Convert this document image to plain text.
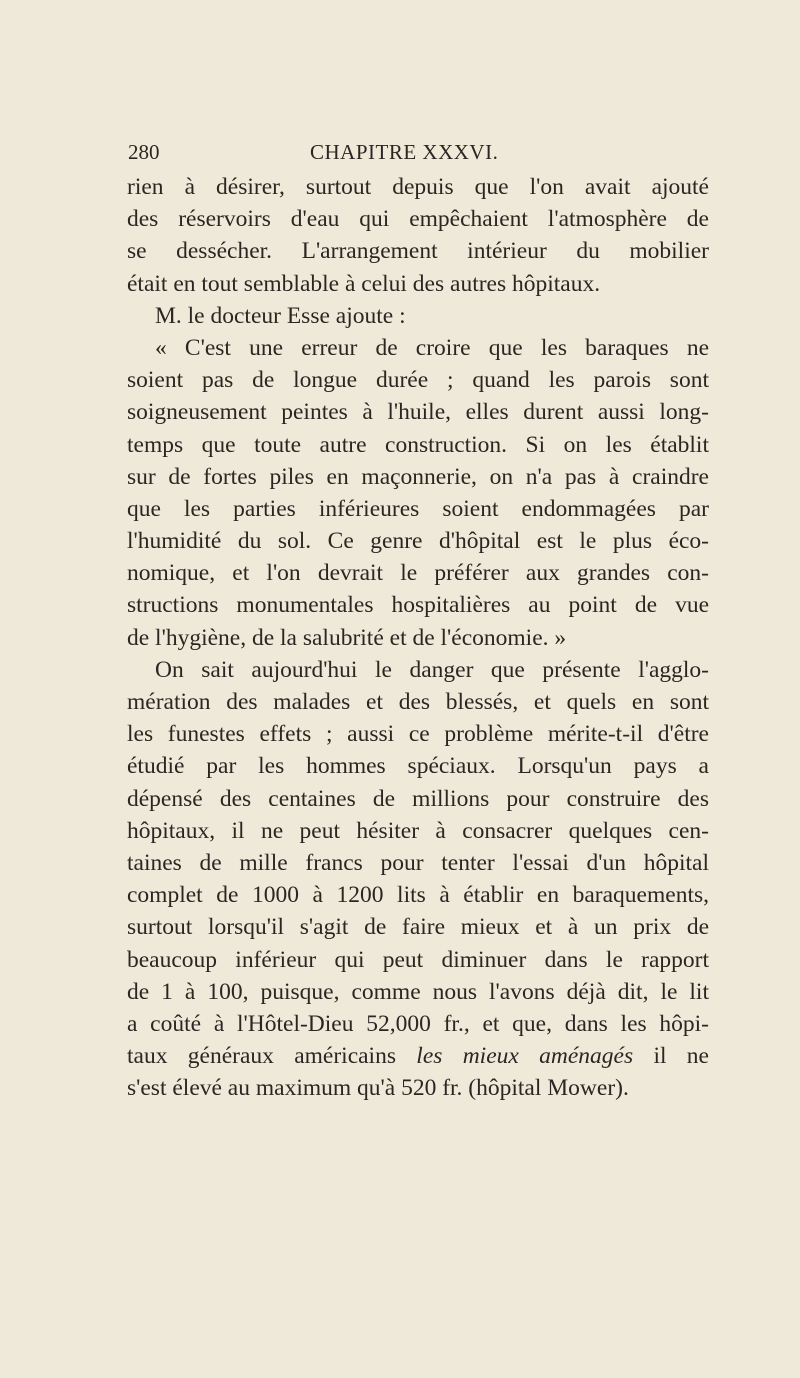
280	CHAPITRE XXXVI.
rien à désirer, surtout depuis que l'on avait ajouté
des réservoirs d'eau qui empêchaient l'atmosphère de
se dessécher. L'arrangement intérieur du mobilier
était en tout semblable à celui des autres hôpitaux.
M. le docteur Esse ajoute :
« C'est une erreur de croire que les baraques ne
soient pas de longue durée ; quand les parois sont
soigneusement peintes à l'huile, elles durent aussi long-
temps que toute autre construction. Si on les établit
sur de fortes piles en maçonnerie, on n'a pas à craindre
que les parties inférieures soient endommagées par
l'humidité du sol. Ce genre d'hôpital est le plus éco-
nomique, et l'on devrait le préférer aux grandes con-
structions monumentales hospitalières au point de vue
de l'hygiène, de la salubrité et de l'économie. »
On sait aujourd'hui le danger que présente l'agglo-
mération des malades et des blessés, et quels en sont
les funestes effets ; aussi ce problème mérite-t-il d'être
étudié par les hommes spéciaux. Lorsqu'un pays a
dépensé des centaines de millions pour construire des
hôpitaux, il ne peut hésiter à consacrer quelques cen-
taines de mille francs pour tenter l'essai d'un hôpital
complet de 1000 à 1200 lits à établir en baraquements,
surtout lorsqu'il s'agit de faire mieux et à un prix de
beaucoup inférieur qui peut diminuer dans le rapport
de 1 à 100, puisque, comme nous l'avons déjà dit, le lit
a coûté à l'Hôtel-Dieu 52,000 fr., et que, dans les hôpi-
taux généraux américains les mieux aménagés il ne
s'est élevé au maximum qu'à 520 fr. (hôpital Mower).
